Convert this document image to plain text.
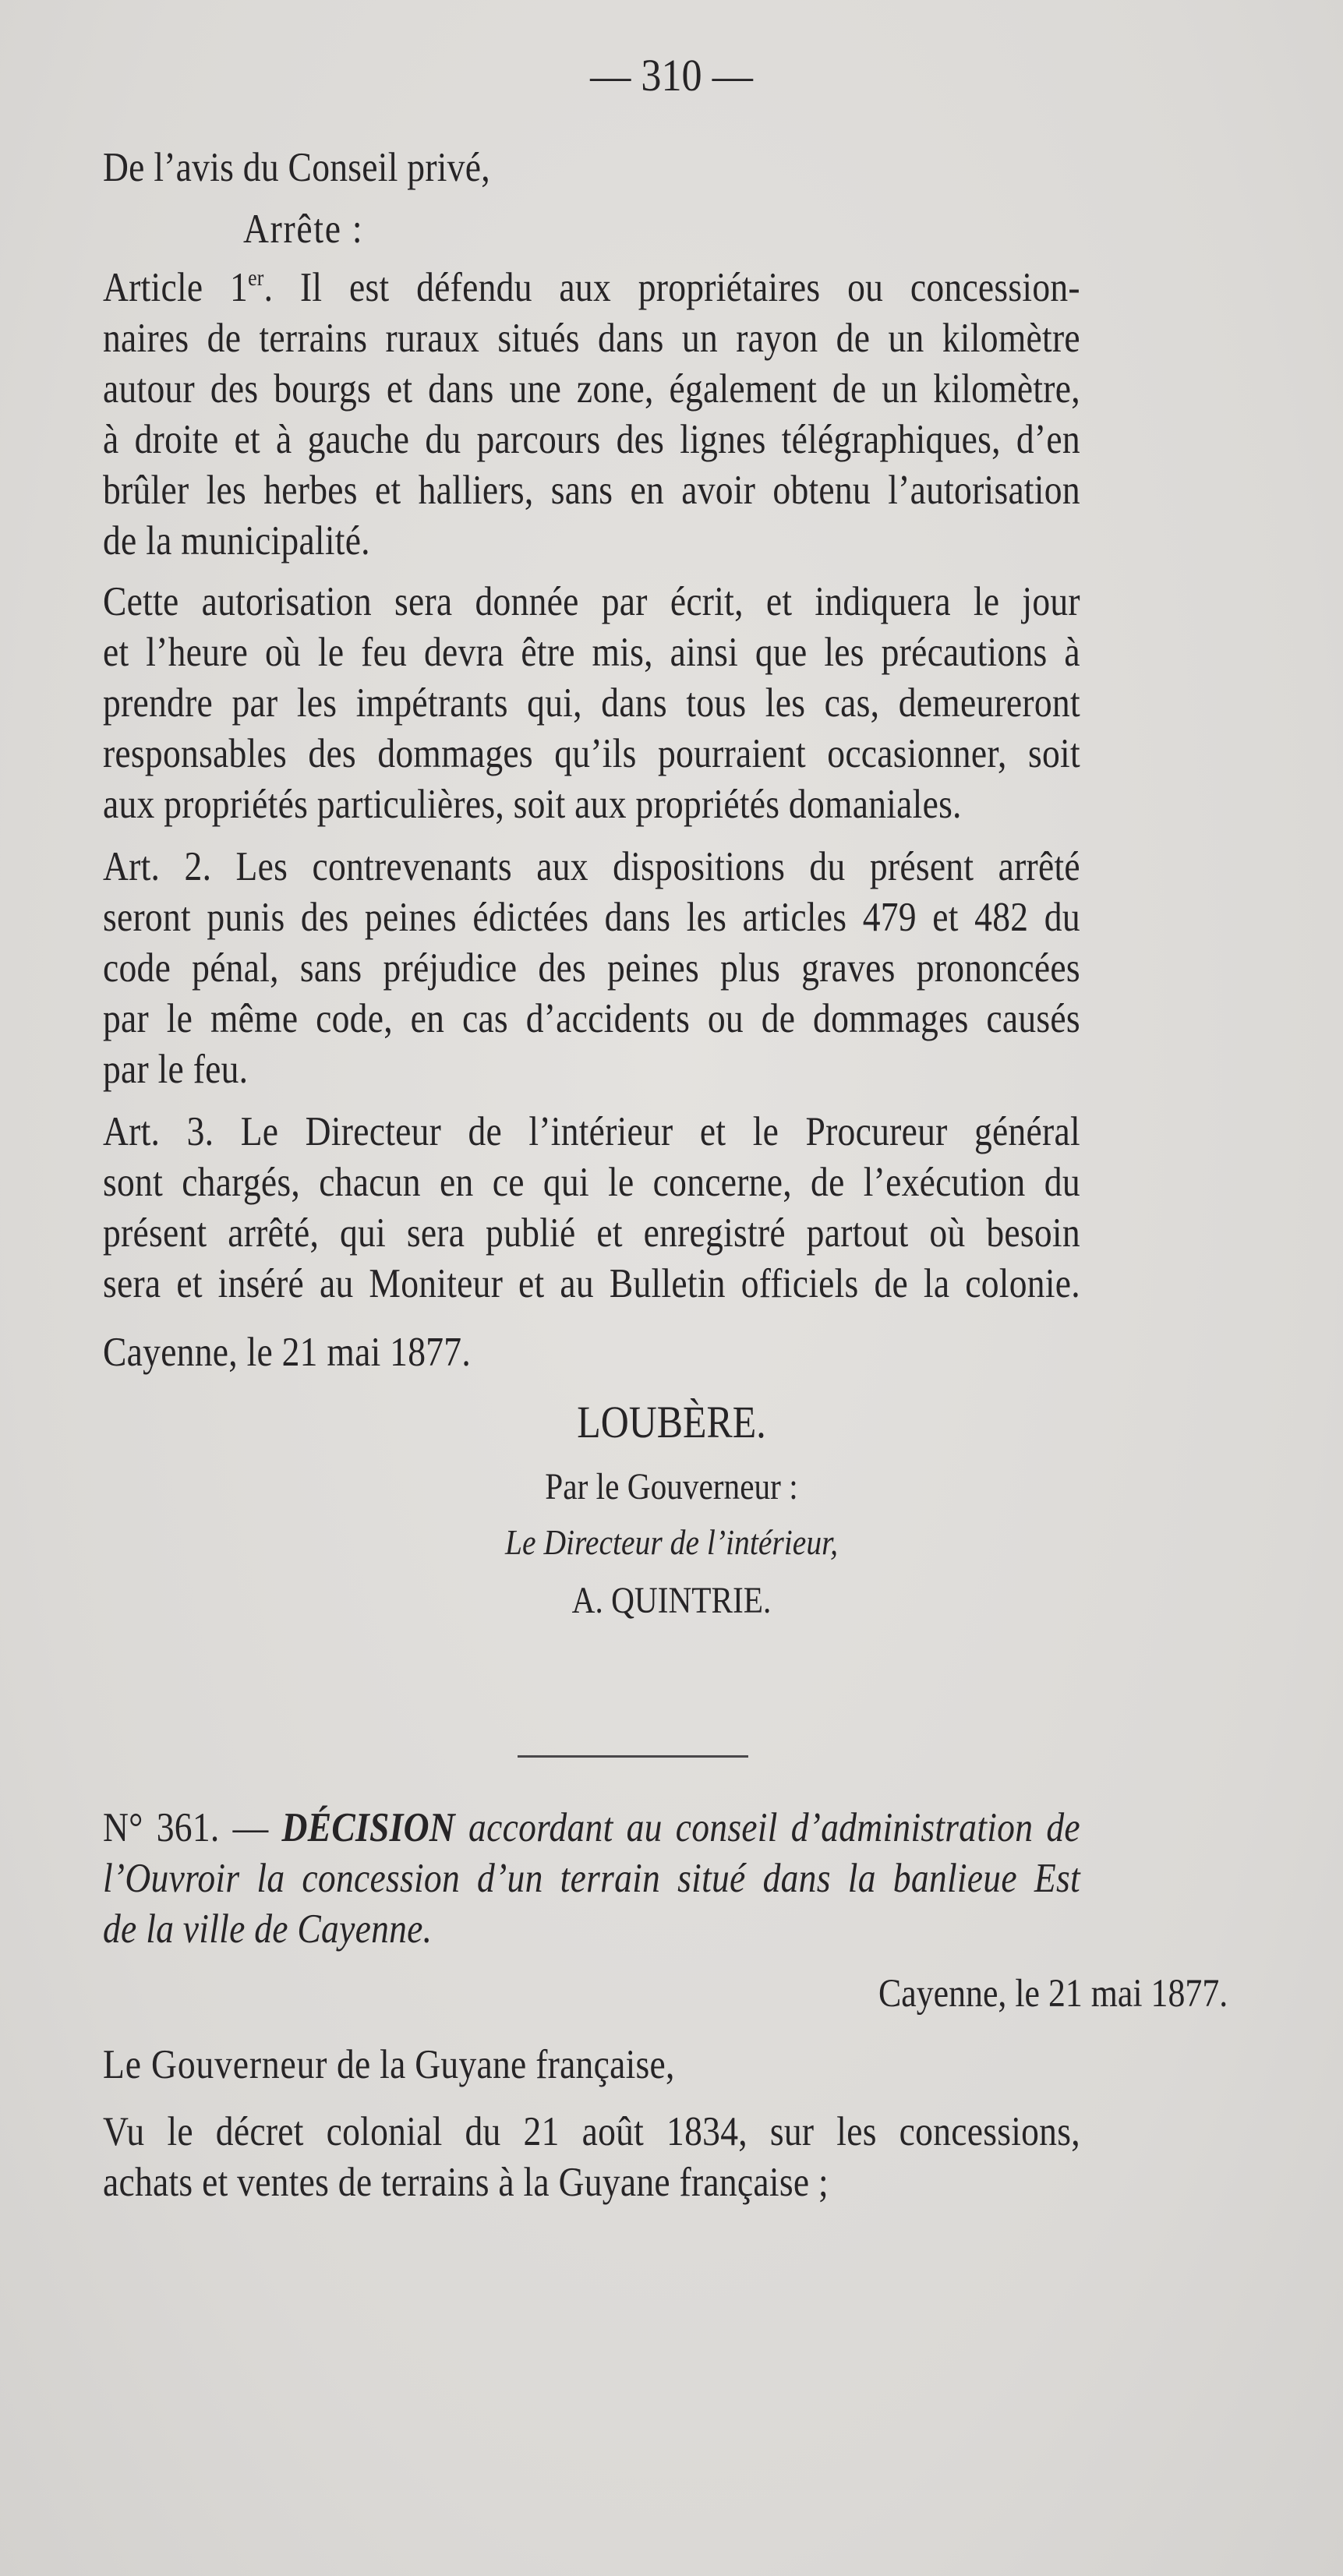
— 310 —
De l’avis du Conseil privé,
Arrête :
Article 1er. Il est défendu aux propriétaires ou concession-
naires de terrains ruraux situés dans un rayon de un kilomètre
autour des bourgs et dans une zone, également de un kilomètre,
à droite et à gauche du parcours des lignes télégraphiques, d’en
brûler les herbes et halliers, sans en avoir obtenu l’autorisation
de la municipalité.
Cette autorisation sera donnée par écrit, et indiquera le jour
et l’heure où le feu devra être mis, ainsi que les précautions à
prendre par les impétrants qui, dans tous les cas, demeureront
responsables des dommages qu’ils pourraient occasionner, soit
aux propriétés particulières, soit aux propriétés domaniales.
Art. 2. Les contrevenants aux dispositions du présent arrêté
seront punis des peines édictées dans les articles 479 et 482 du
code pénal, sans préjudice des peines plus graves prononcées
par le même code, en cas d’accidents ou de dommages causés
par le feu.
Art. 3. Le Directeur de l’intérieur et le Procureur général
sont chargés, chacun en ce qui le concerne, de l’exécution du
présent arrêté, qui sera publié et enregistré partout où besoin
sera et inséré au Moniteur et au Bulletin officiels de la colonie.
Cayenne, le 21 mai 1877.
LOUBÈRE.
Par le Gouverneur :
Le Directeur de l’intérieur,
A. QUINTRIE.
N° 361. — DÉCISION accordant au conseil d’administration de
l’Ouvroir la concession d’un terrain situé dans la banlieue Est
de la ville de Cayenne.
Cayenne, le 21 mai 1877.
Le Gouverneur de la Guyane française,
Vu le décret colonial du 21 août 1834, sur les concessions,
achats et ventes de terrains à la Guyane française ;
